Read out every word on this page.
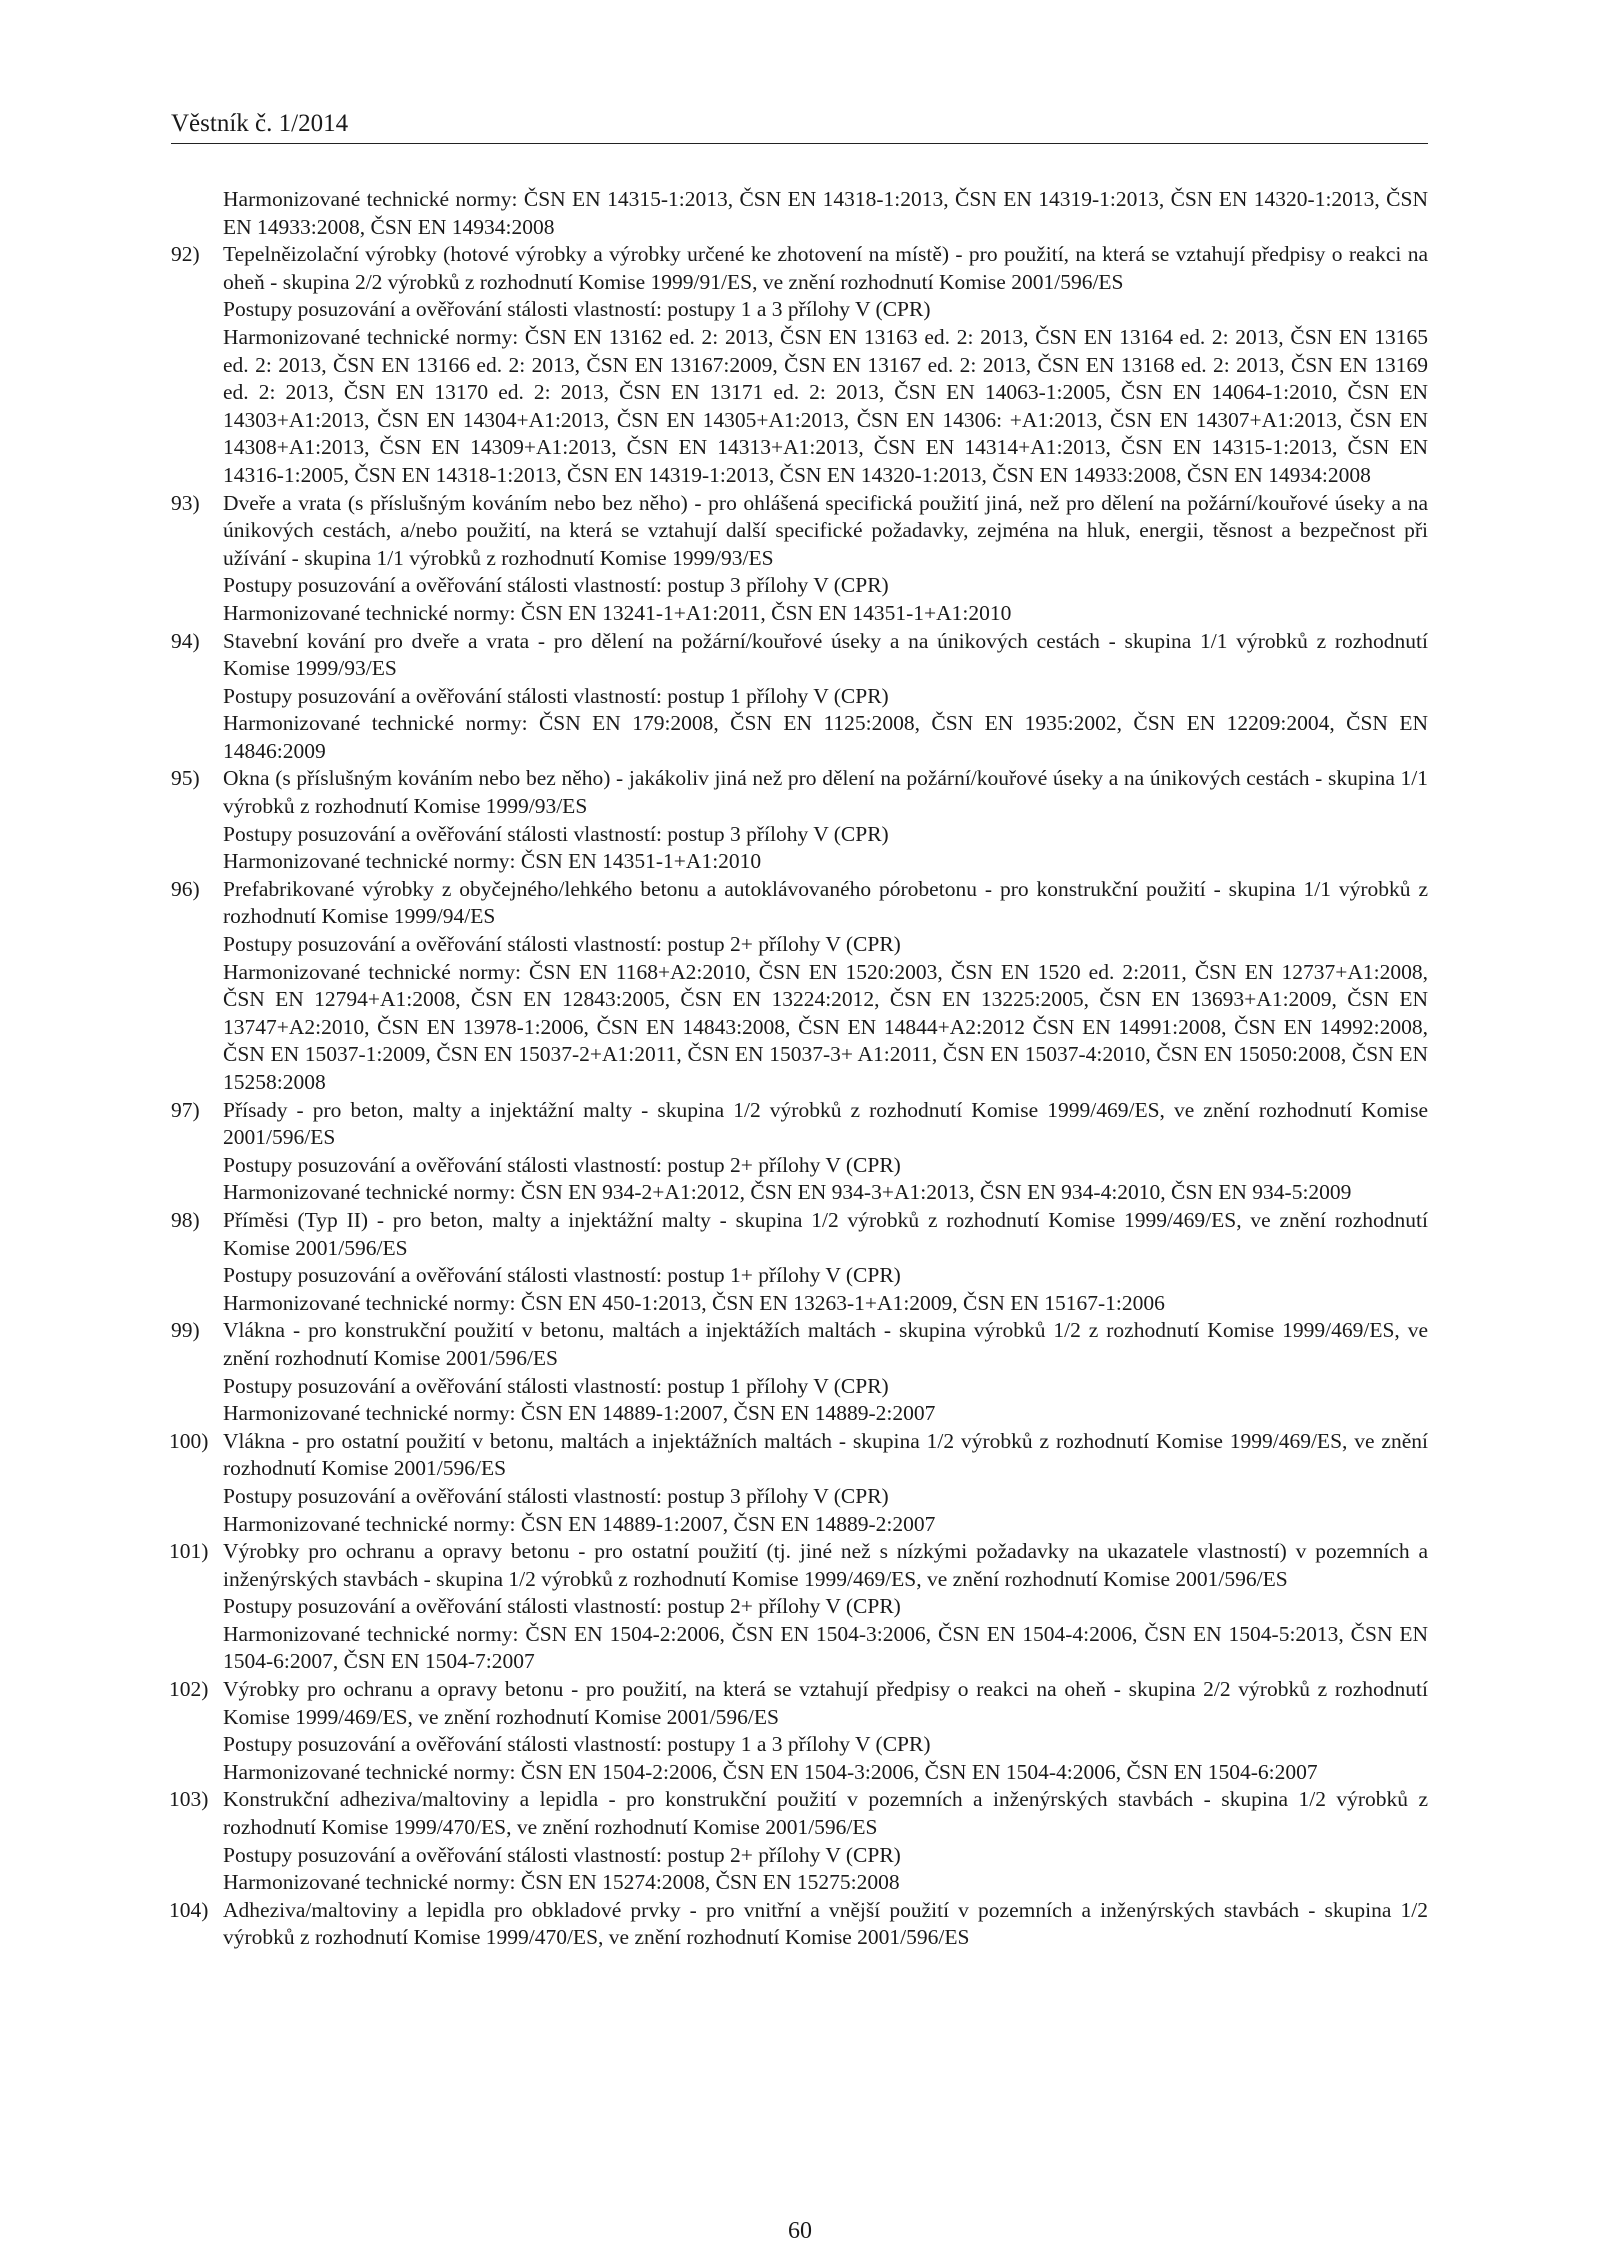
Věstník č. 1/2014
Harmonizované technické normy: ČSN EN 14315-1:2013, ČSN EN 14318-1:2013, ČSN EN 14319-1:2013, ČSN EN 14320-1:2013, ČSN EN 14933:2008, ČSN EN 14934:2008
92) Tepelněizolační výrobky (hotové výrobky a výrobky určené ke zhotovení na místě) - pro použití, na která se vztahují předpisy o reakci na oheň - skupina 2/2 výrobků z rozhodnutí Komise 1999/91/ES, ve znění rozhodnutí Komise 2001/596/ES
Postupy posuzování a ověřování stálosti vlastností: postupy 1 a 3 přílohy V (CPR)
Harmonizované technické normy: ČSN EN 13162 ed. 2: 2013, ČSN EN 13163 ed. 2: 2013, ČSN EN 13164 ed. 2: 2013, ČSN EN 13165 ed. 2: 2013, ČSN EN 13166 ed. 2: 2013, ČSN EN 13167:2009, ČSN EN 13167 ed. 2: 2013, ČSN EN 13168 ed. 2: 2013, ČSN EN 13169 ed. 2: 2013, ČSN EN 13170 ed. 2: 2013, ČSN EN 13171 ed. 2: 2013, ČSN EN 14063-1:2005, ČSN EN 14064-1:2010, ČSN EN 14303+A1:2013, ČSN EN 14304+A1:2013, ČSN EN 14305+A1:2013, ČSN EN 14306: +A1:2013, ČSN EN 14307+A1:2013, ČSN EN 14308+A1:2013, ČSN EN 14309+A1:2013, ČSN EN 14313+A1:2013, ČSN EN 14314+A1:2013, ČSN EN 14315-1:2013, ČSN EN 14316-1:2005, ČSN EN 14318-1:2013, ČSN EN 14319-1:2013, ČSN EN 14320-1:2013, ČSN EN 14933:2008, ČSN EN 14934:2008
93) Dveře a vrata (s příslušným kováním nebo bez něho) - pro ohlášená specifická použití jiná, než pro dělení na požární/kouřové úseky a na únikových cestách, a/nebo použití, na která se vztahují další specifické požadavky, zejména na hluk, energii, těsnost a bezpečnost při užívání - skupina 1/1 výrobků z rozhodnutí Komise 1999/93/ES
Postupy posuzování a ověřování stálosti vlastností: postup 3 přílohy V (CPR)
Harmonizované technické normy: ČSN EN 13241-1+A1:2011, ČSN EN 14351-1+A1:2010
94) Stavební kování pro dveře a vrata - pro dělení na požární/kouřové úseky a na únikových cestách - skupina 1/1 výrobků z rozhodnutí Komise 1999/93/ES
Postupy posuzování a ověřování stálosti vlastností: postup 1 přílohy V (CPR)
Harmonizované technické normy: ČSN EN 179:2008, ČSN EN 1125:2008, ČSN EN 1935:2002, ČSN EN 12209:2004, ČSN EN 14846:2009
95) Okna (s příslušným kováním nebo bez něho) - jakákoliv jiná než pro dělení na požární/kouřové úseky a na únikových cestách - skupina 1/1 výrobků z rozhodnutí Komise 1999/93/ES
Postupy posuzování a ověřování stálosti vlastností: postup 3 přílohy V (CPR)
Harmonizované technické normy: ČSN EN 14351-1+A1:2010
96) Prefabrikované výrobky z obyčejného/lehkého betonu a autoklávovaného pórobetonu - pro konstrukční použití - skupina 1/1 výrobků z rozhodnutí Komise 1999/94/ES
Postupy posuzování a ověřování stálosti vlastností: postup 2+ přílohy V (CPR)
Harmonizované technické normy: ČSN EN 1168+A2:2010, ČSN EN 1520:2003, ČSN EN 1520 ed. 2:2011, ČSN EN 12737+A1:2008, ČSN EN 12794+A1:2008, ČSN EN 12843:2005, ČSN EN 13224:2012, ČSN EN 13225:2005, ČSN EN 13693+A1:2009, ČSN EN 13747+A2:2010, ČSN EN 13978-1:2006, ČSN EN 14843:2008, ČSN EN 14844+A2:2012 ČSN EN 14991:2008, ČSN EN 14992:2008, ČSN EN 15037-1:2009, ČSN EN 15037-2+A1:2011, ČSN EN 15037-3+ A1:2011, ČSN EN 15037-4:2010, ČSN EN 15050:2008, ČSN EN 15258:2008
97) Přísady - pro beton, malty a injektážní malty - skupina 1/2 výrobků z rozhodnutí Komise 1999/469/ES, ve znění rozhodnutí Komise 2001/596/ES
Postupy posuzování a ověřování stálosti vlastností: postup 2+ přílohy V (CPR)
Harmonizované technické normy: ČSN EN 934-2+A1:2012, ČSN EN 934-3+A1:2013, ČSN EN 934-4:2010, ČSN EN 934-5:2009
98) Příměsi (Typ II) - pro beton, malty a injektážní malty - skupina 1/2 výrobků z rozhodnutí Komise 1999/469/ES, ve znění rozhodnutí Komise 2001/596/ES
Postupy posuzování a ověřování stálosti vlastností: postup 1+ přílohy V (CPR)
Harmonizované technické normy: ČSN EN 450-1:2013, ČSN EN 13263-1+A1:2009, ČSN EN 15167-1:2006
99) Vlákna - pro konstrukční použití v betonu, maltách a injektážích maltách - skupina výrobků 1/2 z rozhodnutí Komise 1999/469/ES, ve znění rozhodnutí Komise 2001/596/ES
Postupy posuzování a ověřování stálosti vlastností: postup 1 přílohy V (CPR)
Harmonizované technické normy: ČSN EN 14889-1:2007, ČSN EN 14889-2:2007
100) Vlákna - pro ostatní použití v betonu, maltách a injektážních maltách - skupina 1/2 výrobků z rozhodnutí Komise 1999/469/ES, ve znění rozhodnutí Komise 2001/596/ES
Postupy posuzování a ověřování stálosti vlastností: postup 3 přílohy V (CPR)
Harmonizované technické normy: ČSN EN 14889-1:2007, ČSN EN 14889-2:2007
101) Výrobky pro ochranu a opravy betonu - pro ostatní použití (tj. jiné než s nízkými požadavky na ukazatele vlastností) v pozemních a inženýrských stavbách - skupina 1/2 výrobků z rozhodnutí Komise 1999/469/ES, ve znění rozhodnutí Komise 2001/596/ES
Postupy posuzování a ověřování stálosti vlastností: postup 2+ přílohy V (CPR)
Harmonizované technické normy: ČSN EN 1504-2:2006, ČSN EN 1504-3:2006, ČSN EN 1504-4:2006, ČSN EN 1504-5:2013, ČSN EN 1504-6:2007, ČSN EN 1504-7:2007
102) Výrobky pro ochranu a opravy betonu - pro použití, na která se vztahují předpisy o reakci na oheň - skupina 2/2 výrobků z rozhodnutí Komise 1999/469/ES, ve znění rozhodnutí Komise 2001/596/ES
Postupy posuzování a ověřování stálosti vlastností: postupy 1 a 3 přílohy V (CPR)
Harmonizované technické normy: ČSN EN 1504-2:2006, ČSN EN 1504-3:2006, ČSN EN 1504-4:2006, ČSN EN 1504-6:2007
103) Konstrukční adheziva/maltoviny a lepidla - pro konstrukční použití v pozemních a inženýrských stavbách - skupina 1/2 výrobků z rozhodnutí Komise 1999/470/ES, ve znění rozhodnutí Komise 2001/596/ES
Postupy posuzování a ověřování stálosti vlastností: postup 2+ přílohy V (CPR)
Harmonizované technické normy: ČSN EN 15274:2008, ČSN EN 15275:2008
104) Adheziva/maltoviny a lepidla pro obkladové prvky - pro vnitřní a vnější použití v pozemních a inženýrských stavbách - skupina 1/2 výrobků z rozhodnutí Komise 1999/470/ES, ve znění rozhodnutí Komise 2001/596/ES
60
